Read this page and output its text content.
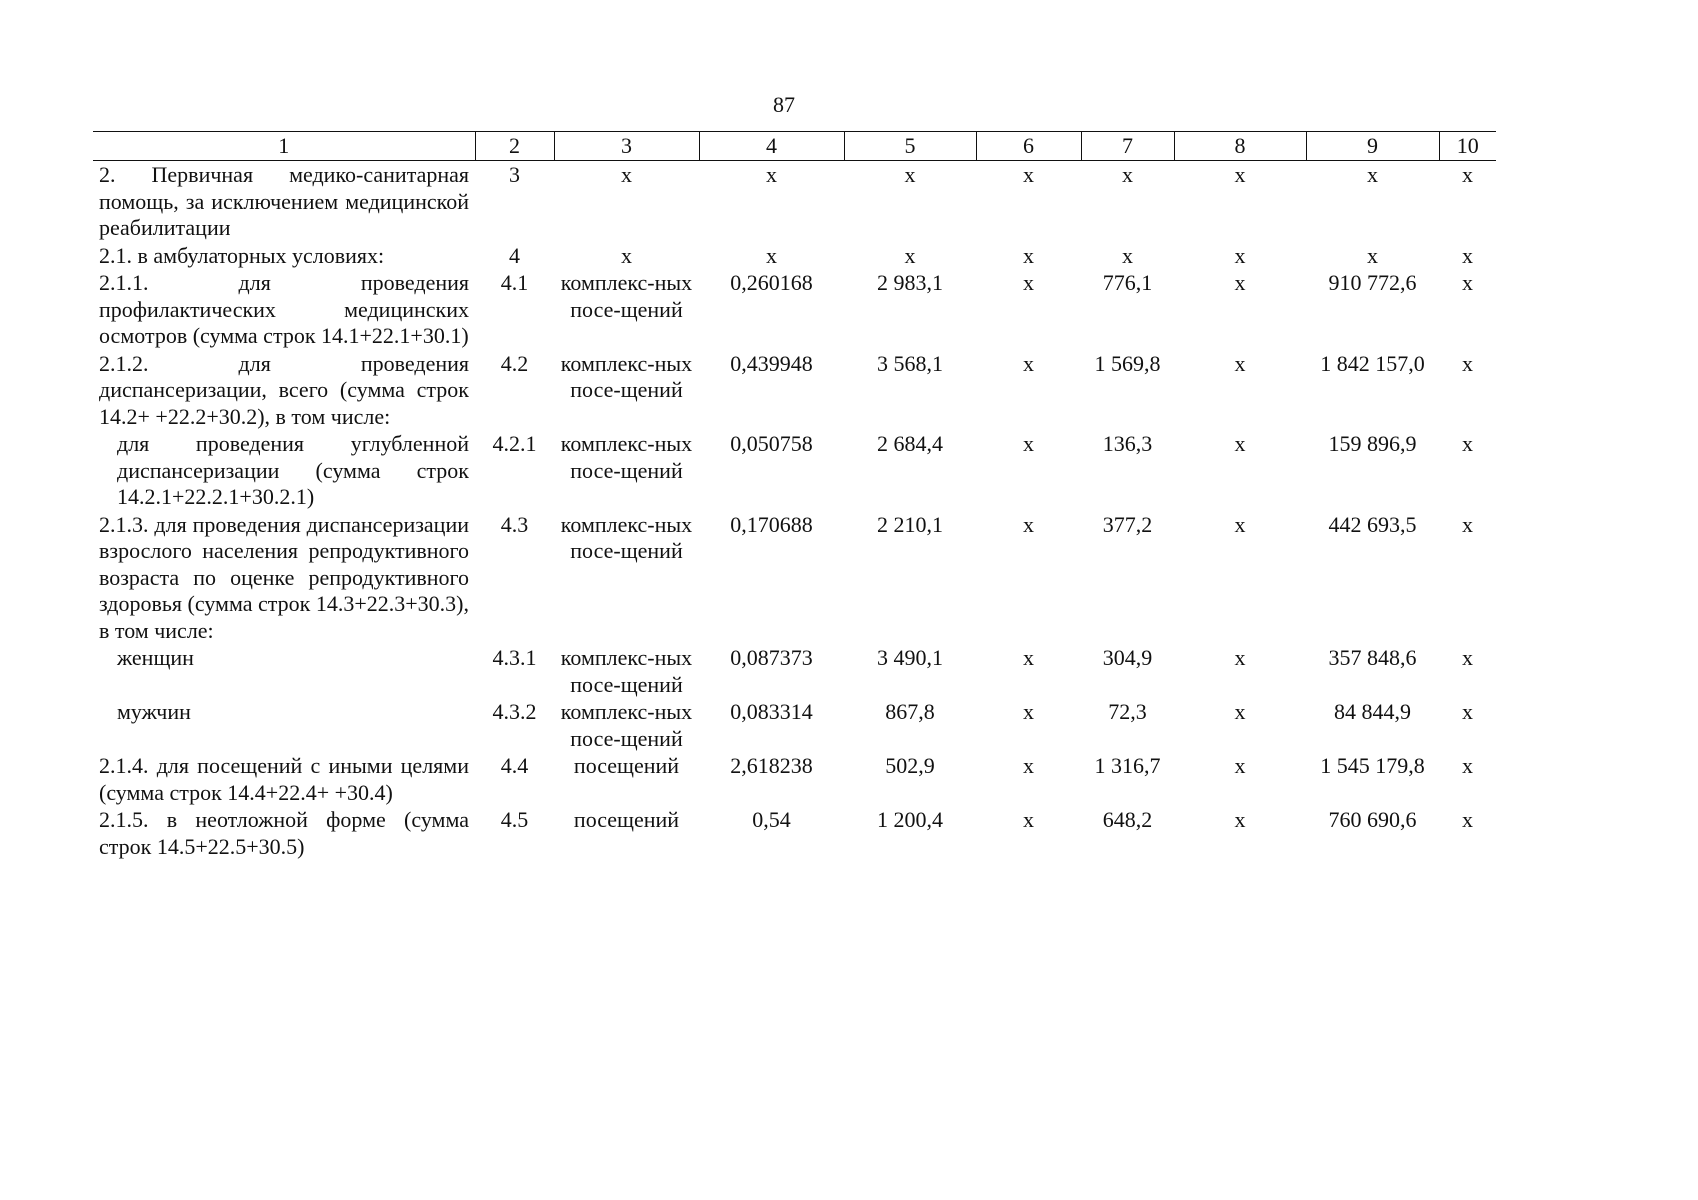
87
1	2	3	4	5	6	7	8	9	10
2. Первичная медико-санитарная помощь, за исключением медицинской реабилитации	3	х	х	х	х	х	х	х	х
2.1. в амбулаторных условиях:	4	х	х	х	х	х	х	х	х
2.1.1. для проведения профилактических медицинских осмотров (сумма строк 14.1+22.1+30.1)	4.1	комплекс-ных посе-щений	0,260168	2 983,1	х	776,1	х	910 772,6	х
2.1.2. для проведения диспансеризации, всего (сумма строк 14.2+ +22.2+30.2), в том числе:	4.2	комплекс-ных посе-щений	0,439948	3 568,1	х	1 569,8	х	1 842 157,0	х
для проведения углубленной диспансеризации (сумма строк 14.2.1+22.2.1+30.2.1)	4.2.1	комплекс-ных посе-щений	0,050758	2 684,4	х	136,3	х	159 896,9	х
2.1.3. для проведения диспансеризации взрослого населения репродуктивного возраста по оценке репродуктивного здоровья (сумма строк 14.3+22.3+30.3), в том числе:	4.3	комплекс-ных посе-щений	0,170688	2 210,1	х	377,2	х	442 693,5	х
женщин	4.3.1	комплекс-ных посе-щений	0,087373	3 490,1	х	304,9	х	357 848,6	х
мужчин	4.3.2	комплекс-ных посе-щений	0,083314	867,8	х	72,3	х	84 844,9	х
2.1.4. для посещений с иными целями (сумма строк 14.4+22.4+ +30.4)	4.4	посещений	2,618238	502,9	х	1 316,7	х	1 545 179,8	х
2.1.5. в неотложной форме (сумма строк 14.5+22.5+30.5)	4.5	посещений	0,54	1 200,4	х	648,2	х	760 690,6	х
